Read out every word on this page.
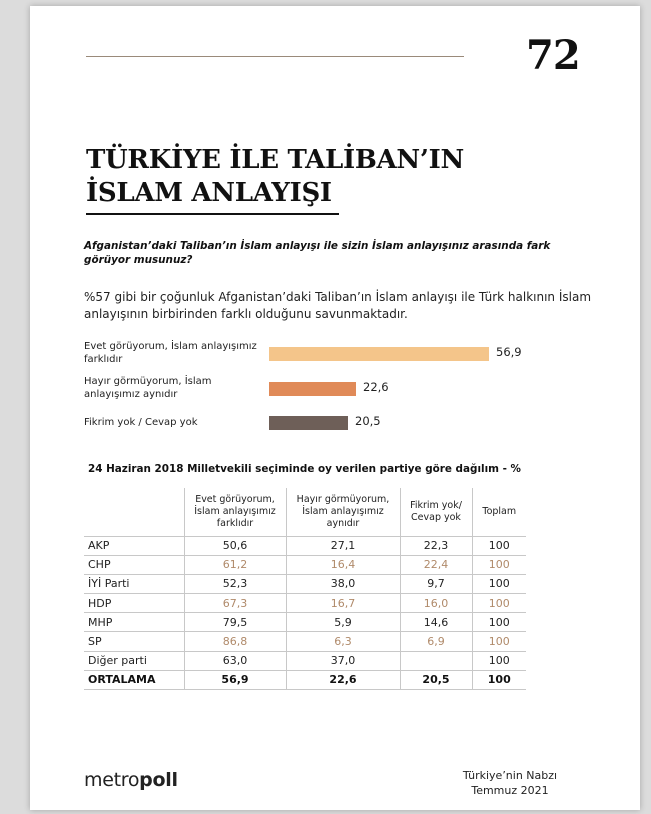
72
TÜRKİYE İLE TALİBAN’IN
İSLAM ANLAYIŞI
Afganistan’daki Taliban’ın İslam anlayışı ile sizin İslam anlayışınız arasında fark görüyor musunuz?
%57 gibi bir çoğunluk Afganistan’daki Taliban’ın İslam anlayışı ile Türk halkının İslam anlayışının birbirinden farklı olduğunu savunmaktadır.
Evet görüyorum, İslam anlayışımız farklıdır
56,9
Hayır görmüyorum, İslam anlayışımız aynıdır
22,6
Fikrim yok / Cevap yok	20,5
24 Haziran 2018 Milletvekili seçiminde oy verilen partiye göre dağılım - %
	Evet görüyorum, İslam anlayışımız farklıdır	Hayır görmüyorum, İslam anlayışımız aynıdır	Fikrim yok/ Cevap yok	Toplam
AKP	50,6	27,1	22,3	100
CHP	61,2	16,4	22,4	100
İYİ Parti	52,3	38,0	9,7	100
HDP	67,3	16,7	16,0	100
MHP	79,5	5,9	14,6	100
SP	86,8	6,3	6,9	100
Diğer parti	63,0	37,0		100
ORTALAMA	56,9	22,6	20,5	100
metropoll	Türkiye’nin Nabzı
Temmuz 2021
